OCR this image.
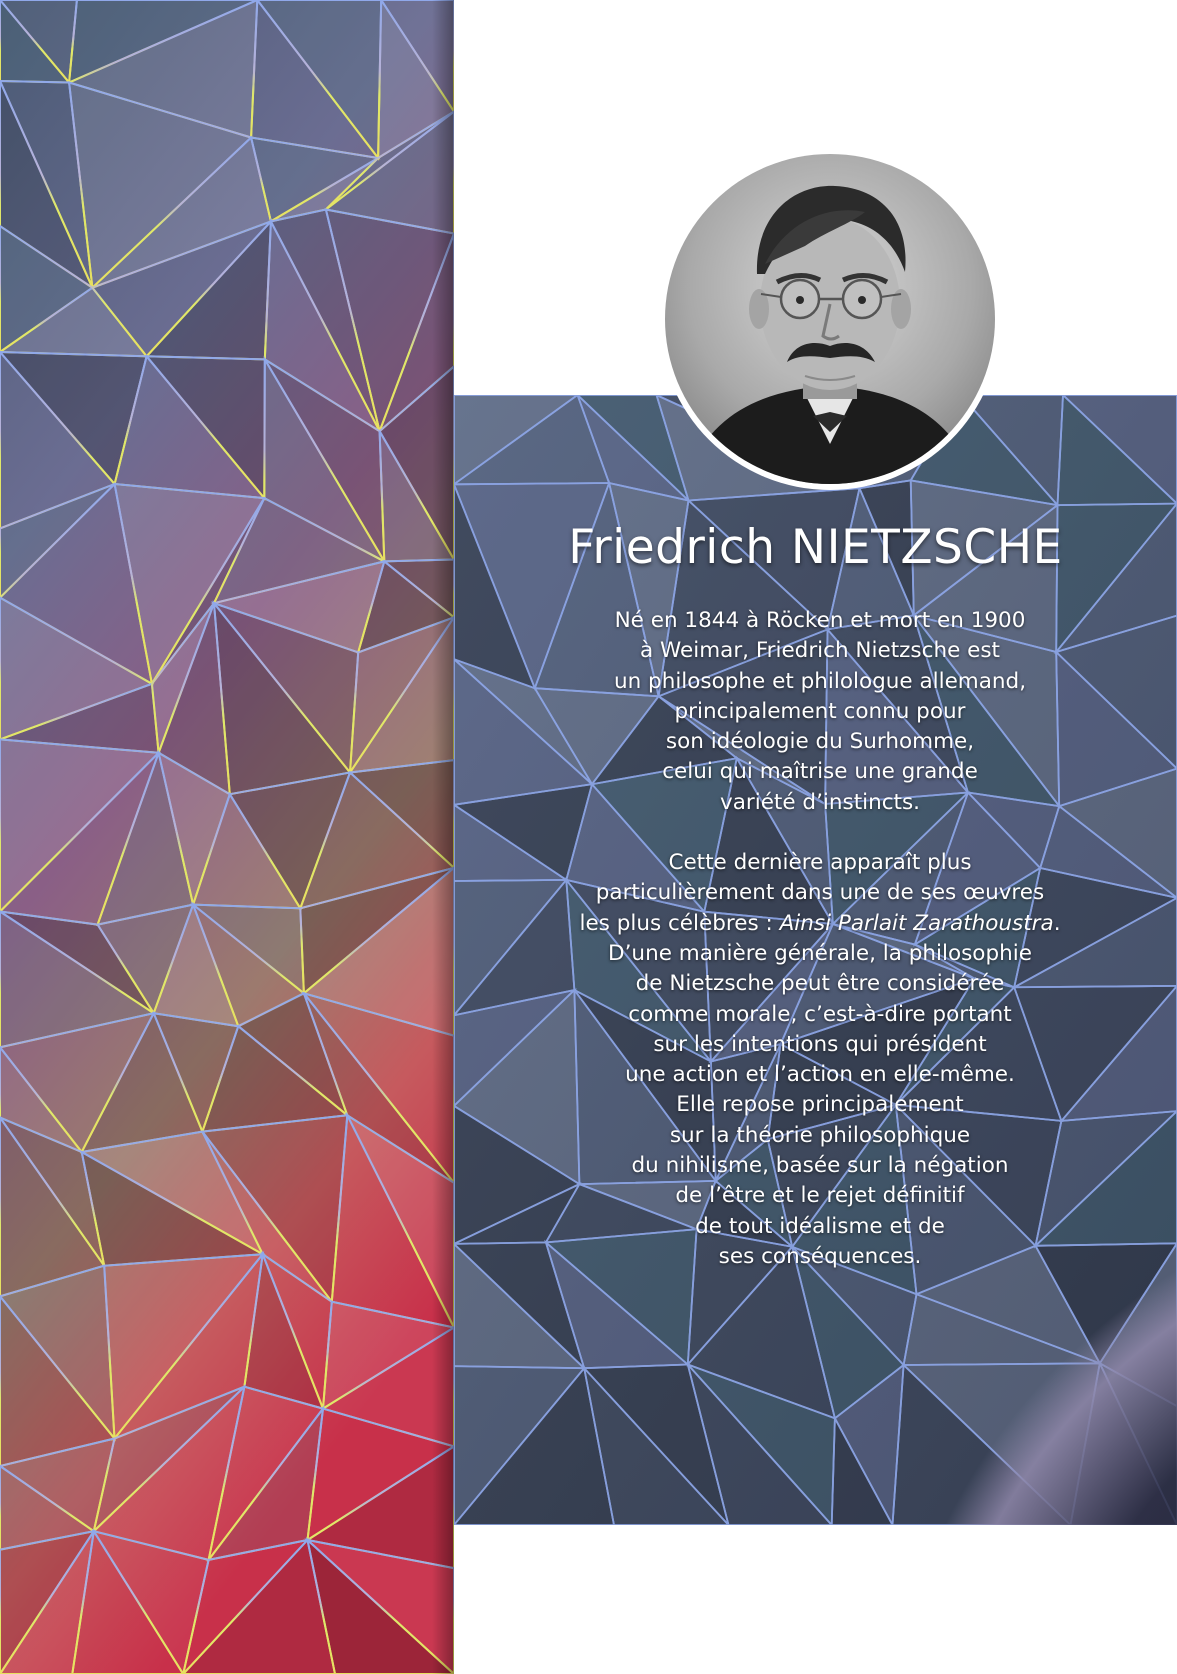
Friedrich NIETZSCHE

Né en 1844 à Röcken et mort en 1900
à Weimar, Friedrich Nietzsche est
un philosophe et philologue allemand,
principalement connu pour
son idéologie du Surhomme,
celui qui maîtrise une grande
variété d’instincts.

Cette dernière apparaît plus
particulièrement dans une de ses œuvres
les plus célèbres : Ainsi Parlait Zarathoustra.
D’une manière générale, la philosophie
de Nietzsche peut être considérée
comme morale, c’est-à-dire portant
sur les intentions qui président
une action et l’action en elle-même.
Elle repose principalement
sur la théorie philosophique
du nihilisme, basée sur la négation
de l’être et le rejet définitif
de tout idéalisme et de
ses conséquences.
